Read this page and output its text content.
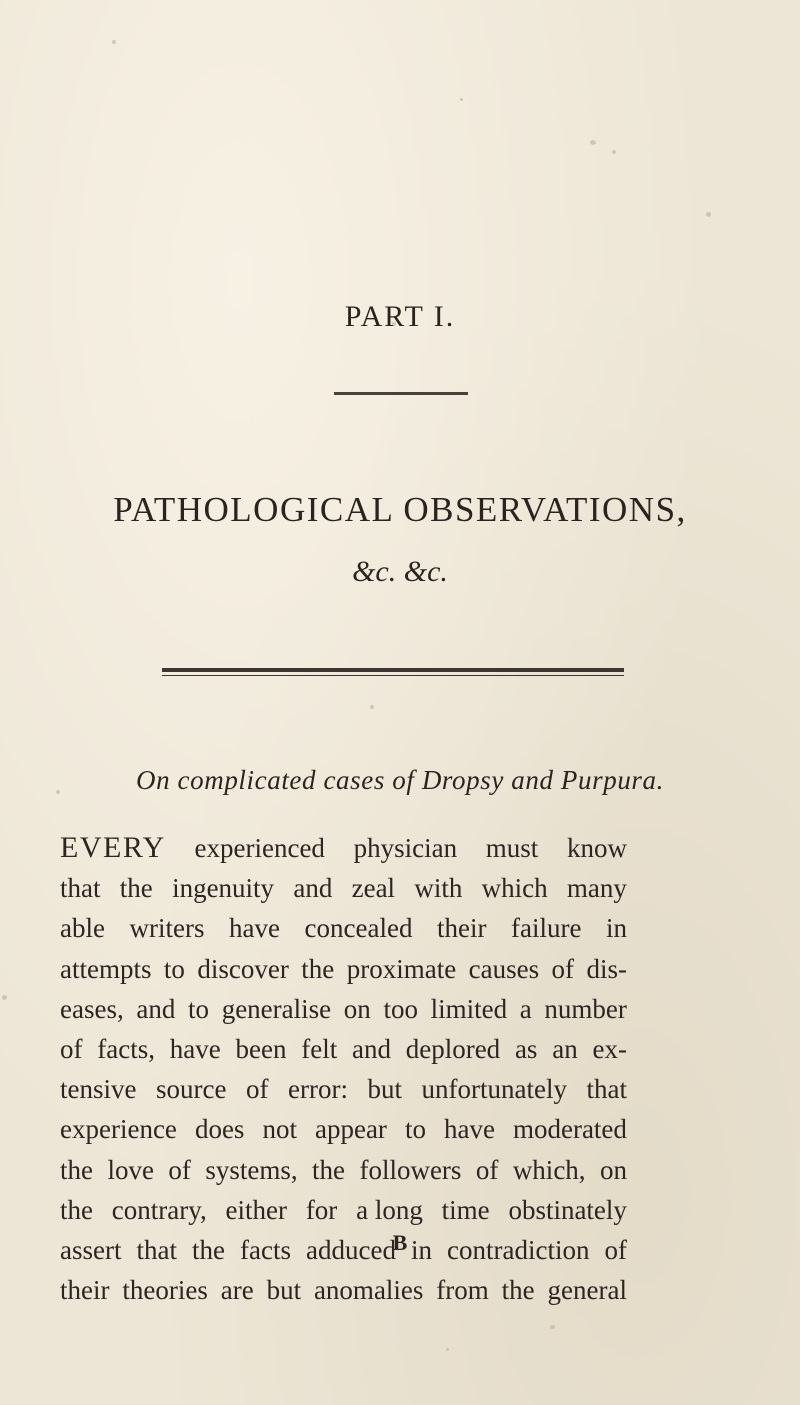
PART I.
PATHOLOGICAL OBSERVATIONS,
&c. &c.
On complicated cases of Dropsy and Purpura.
EVERY experienced physician must know
that the ingenuity and zeal with which many
able writers have concealed their failure in
attempts to discover the proximate causes of dis-
eases, and to generalise on too limited a number
of facts, have been felt and deplored as an ex-
tensive source of error: but unfortunately that
experience does not appear to have moderated
the love of systems, the followers of which, on
the contrary, either for a long time obstinately
assert that the facts adduced in contradiction of
their theories are but anomalies from the general
B
